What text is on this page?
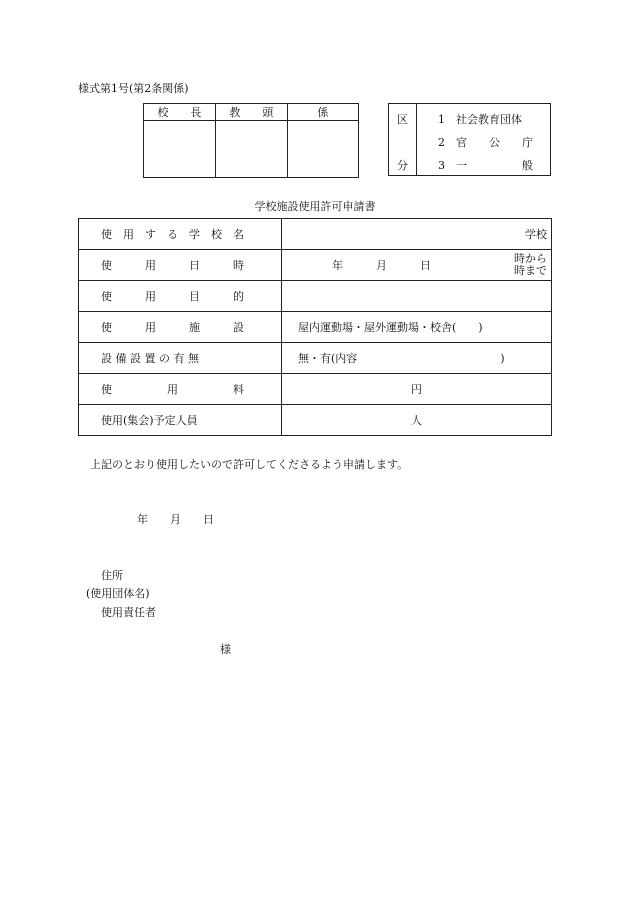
様式第1号(第2条関係)
校　　長	教　　頭	係

区
分
1 社会教育団体
2 官　　公　　庁
3 一　　　　　般
学校施設使用許可申請書
使　用　す　る　学　校　名	学校	
使　　　用　　　日　　　時	年　　　月　　　日	時から
時まで

使　　　用　　　目　　　的		
使　　　用　　　施　　　設	屋内運動場・屋外運動場・校舎(　　)	
設 備 設 置 の 有 無	無・有(内容　　　　　　　　　　　　　)	
使　　　　　用　　　　　料	円	
使用(集会)予定人員	人	
上記のとおり使用したいので許可してくださるよう申請します。
年　　月　　日
住所
(使用団体名)
使用責任者
様
